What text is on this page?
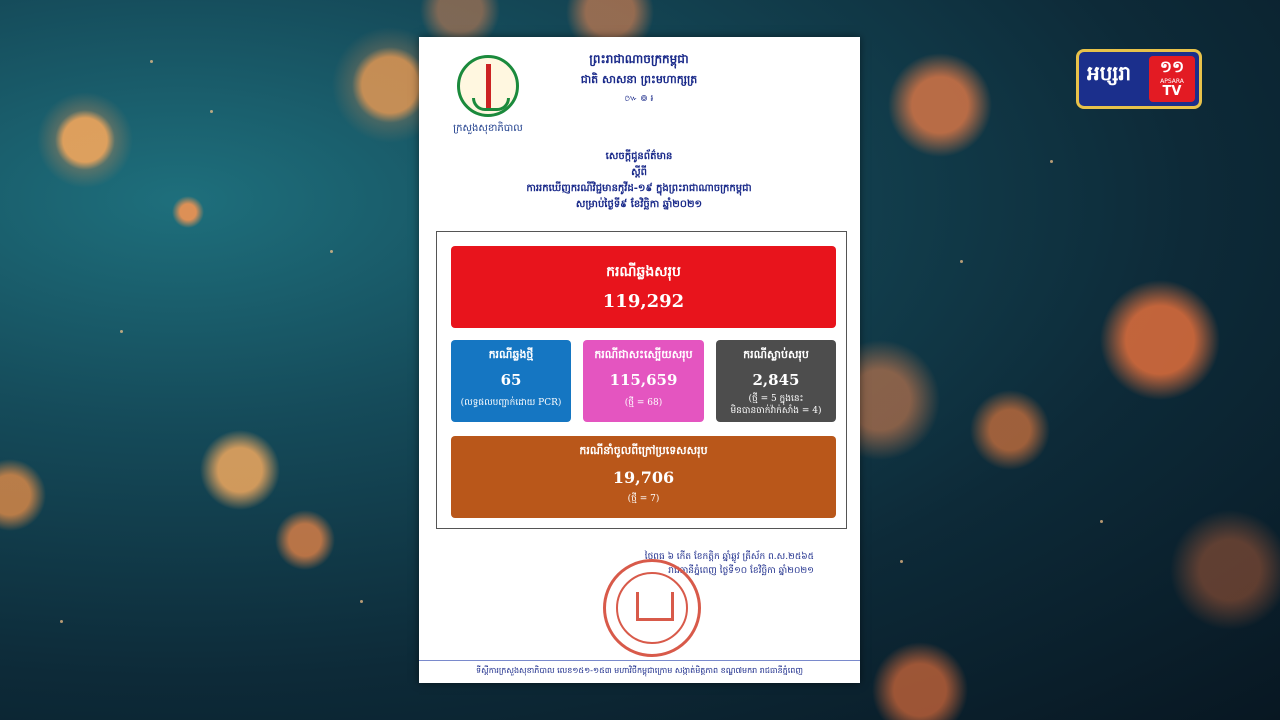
ក្រសួងសុខាភិបាល
ព្រះរាជាណាចក្រកម្ពុជា
ជាតិ សាសនា ព្រះមហាក្សត្រ
៚ ៙ ៛
សេចក្តីជូនព័ត៌មាន
ស្តីពី
ការរកឃើញករណីវិជ្ជមានកូវីដ-១៩ ក្នុងព្រះរាជាណាចក្រកម្ពុជា
សម្រាប់ថ្ងៃទី៩ ខែវិច្ឆិកា ឆ្នាំ២០២១
ករណីឆ្លងសរុប
119,292
ករណីឆ្លងថ្មី
65
(លទ្ធផលបញ្ជាក់ដោយ PCR)
ករណីជាសះស្បើយសរុប
115,659
(ថ្មី = 68)
ករណីស្លាប់សរុប
2,845
(ថ្មី = 5 ក្នុងនេះ
មិនបានចាក់វ៉ាក់សាំង = 4)
ករណីនាំចូលពីក្រៅប្រទេសសរុប
19,706
(ថ្មី = 7)
ថ្ងៃពុធ ៦ កើត ខែកត្តិក ឆ្នាំឆ្លូវ ត្រីស័ក ព.ស.២៥៦៥
រាជធានីភ្នំពេញ ថ្ងៃទី១០ ខែវិច្ឆិកា ឆ្នាំ២០២១
ទីស្តីការក្រសួងសុខាភិបាល លេខ១៥១-១៥៣ មហាវិថីកម្ពុជាក្រោម សង្កាត់មិត្តភាព ខណ្ឌ៧មករា រាជធានីភ្នំពេញ
អប្សរា	១១
APSARA
TV
